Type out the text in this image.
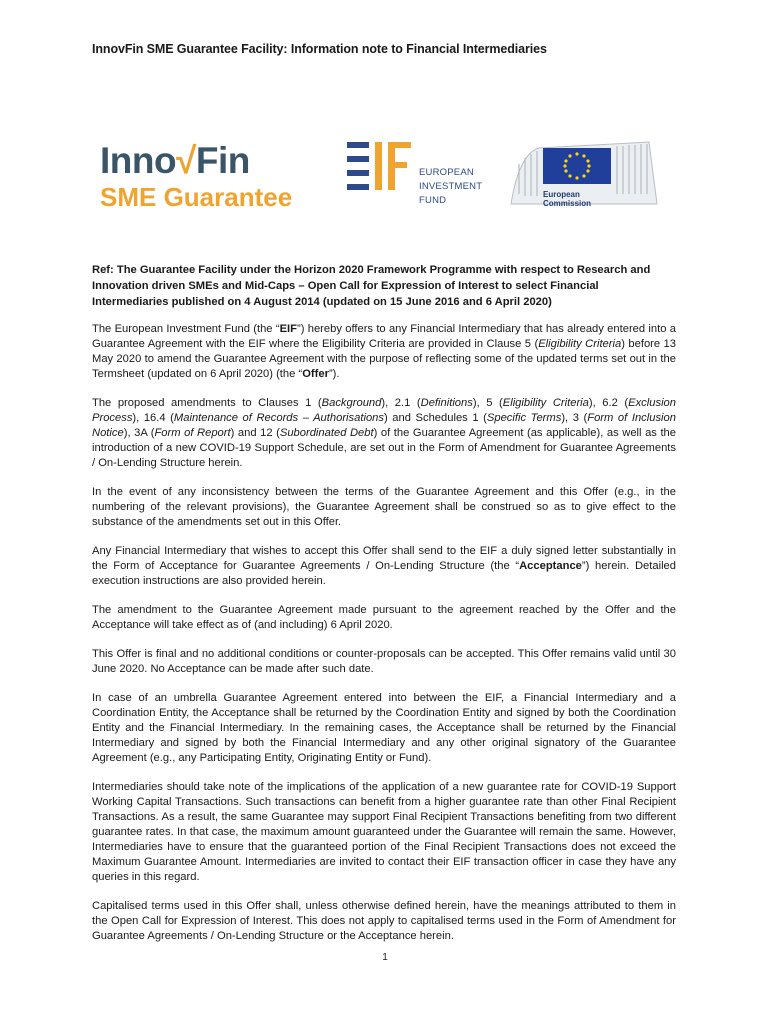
InnovFin SME Guarantee Facility: Information note to Financial Intermediaries
Inno√Fin
SME Guarantee
EUROPEAN
INVESTMENT
FUND
European
Commission
Ref: The Guarantee Facility under the Horizon 2020 Framework Programme with respect to Research and Innovation driven SMEs and Mid-Caps – Open Call for Expression of Interest to select Financial Intermediaries published on 4 August 2014 (updated on 15 June 2016 and 6 April 2020)

The European Investment Fund (the “EIF”) hereby offers to any Financial Intermediary that has already entered into a Guarantee Agreement with the EIF where the Eligibility Criteria are provided in Clause 5 (Eligibility Criteria) before 13 May 2020 to amend the Guarantee Agreement with the purpose of reflecting some of the updated terms set out in the Termsheet (updated on 6 April 2020) (the “Offer”).

The proposed amendments to Clauses 1 (Background), 2.1 (Definitions), 5 (Eligibility Criteria), 6.2 (Exclusion Process), 16.4 (Maintenance of Records – Authorisations) and Schedules 1 (Specific Terms), 3 (Form of Inclusion Notice), 3A (Form of Report) and 12 (Subordinated Debt) of the Guarantee Agreement (as applicable), as well as the introduction of a new COVID-19 Support Schedule, are set out in the Form of Amendment for Guarantee Agreements / On-Lending Structure herein.

In the event of any inconsistency between the terms of the Guarantee Agreement and this Offer (e.g., in the numbering of the relevant provisions), the Guarantee Agreement shall be construed so as to give effect to the substance of the amendments set out in this Offer.

Any Financial Intermediary that wishes to accept this Offer shall send to the EIF a duly signed letter substantially in the Form of Acceptance for Guarantee Agreements / On-Lending Structure (the “Acceptance”) herein. Detailed execution instructions are also provided herein.

The amendment to the Guarantee Agreement made pursuant to the agreement reached by the Offer and the Acceptance will take effect as of (and including) 6 April 2020.

This Offer is final and no additional conditions or counter-proposals can be accepted. This Offer remains valid until 30 June 2020. No Acceptance can be made after such date.

In case of an umbrella Guarantee Agreement entered into between the EIF, a Financial Intermediary and a Coordination Entity, the Acceptance shall be returned by the Coordination Entity and signed by both the Coordination Entity and the Financial Intermediary. In the remaining cases, the Acceptance shall be returned by the Financial Intermediary and signed by both the Financial Intermediary and any other original signatory of the Guarantee Agreement (e.g., any Participating Entity, Originating Entity or Fund).

Intermediaries should take note of the implications of the application of a new guarantee rate for COVID-19 Support Working Capital Transactions. Such transactions can benefit from a higher guarantee rate than other Final Recipient Transactions. As a result, the same Guarantee may support Final Recipient Transactions benefiting from two different guarantee rates. In that case, the maximum amount guaranteed under the Guarantee will remain the same. However, Intermediaries have to ensure that the guaranteed portion of the Final Recipient Transactions does not exceed the Maximum Guarantee Amount. Intermediaries are invited to contact their EIF transaction officer in case they have any queries in this regard.

Capitalised terms used in this Offer shall, unless otherwise defined herein, have the meanings attributed to them in the Open Call for Expression of Interest. This does not apply to capitalised terms used in the Form of Amendment for Guarantee Agreements / On-Lending Structure or the Acceptance herein.

1
